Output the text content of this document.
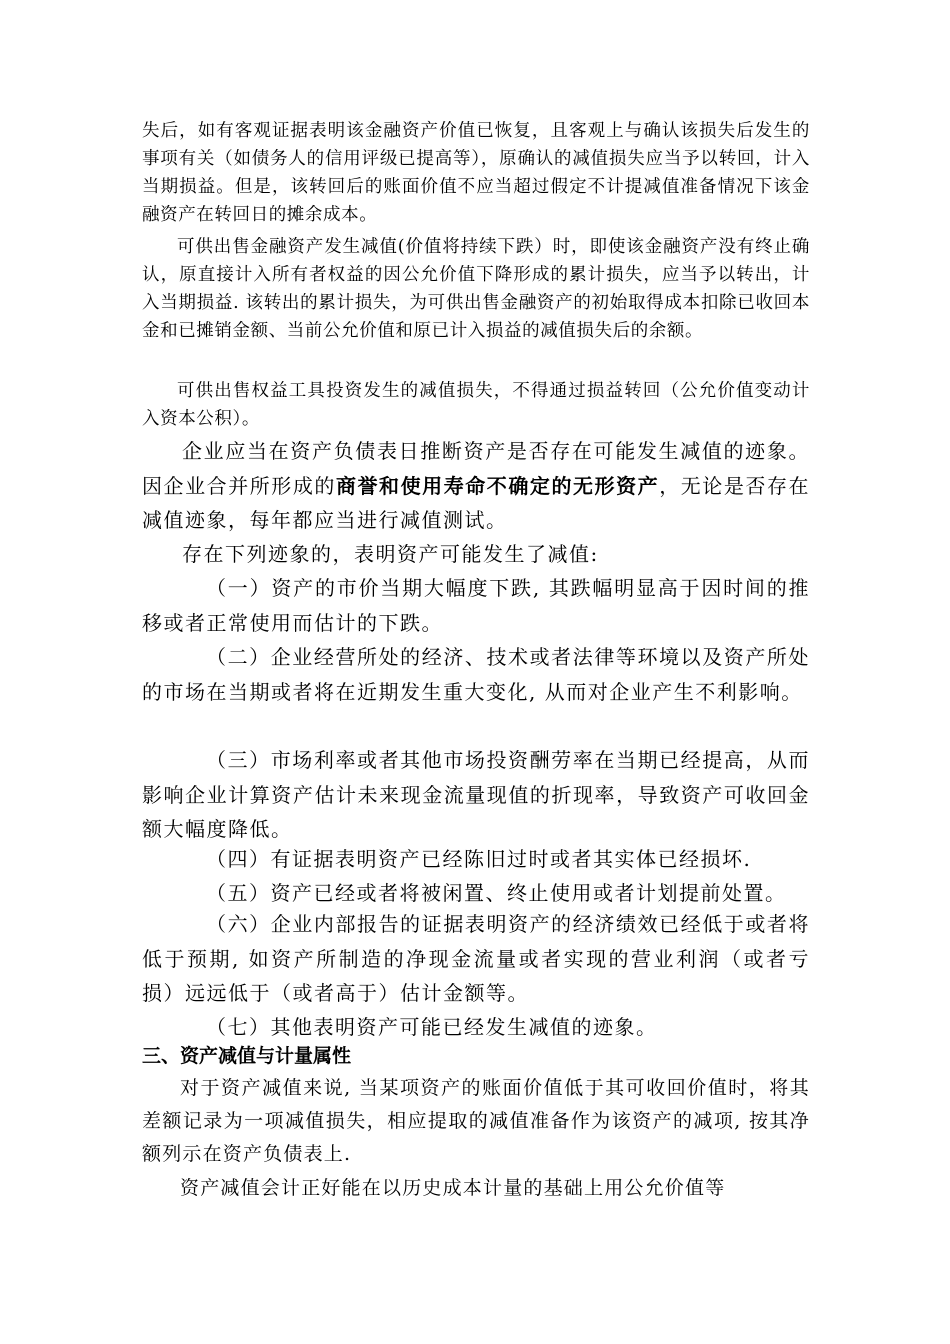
失后，如有客观证据表明该金融资产价值已恢复，且客观上与确认该损失后发生的事项有关（如债务人的信用评级已提高等），原确认的减值损失应当予以转回，计入当期损益。但是，该转回后的账面价值不应当超过假定不计提减值准备情况下该金融资产在转回日的摊余成本。

可供出售金融资产发生减值(价值将持续下跌）时，即使该金融资产没有终止确认，原直接计入所有者权益的因公允价值下降形成的累计损失，应当予以转出，计入当期损益. 该转出的累计损失，为可供出售金融资产的初始取得成本扣除已收回本金和已摊销金额、当前公允价值和原已计入损益的减值损失后的余额。

可供出售权益工具投资发生的减值损失，不得通过损益转回（公允价值变动计入资本公积）。

企业应当在资产负债表日推断资产是否存在可能发生减值的迹象。因企业合并所形成的商誉和使用寿命不确定的无形资产，无论是否存在减值迹象，每年都应当进行减值测试。

存在下列迹象的，表明资产可能发生了减值:

（一）资产的市价当期大幅度下跌, 其跌幅明显高于因时间的推移或者正常使用而估计的下跌。

（二）企业经营所处的经济、技术或者法律等环境以及资产所处的市场在当期或者将在近期发生重大变化, 从而对企业产生不利影响。

（三）市场利率或者其他市场投资酬劳率在当期已经提高，从而影响企业计算资产估计未来现金流量现值的折现率，导致资产可收回金额大幅度降低。

（四）有证据表明资产已经陈旧过时或者其实体已经损坏.

（五）资产已经或者将被闲置、终止使用或者计划提前处置。

（六）企业内部报告的证据表明资产的经济绩效已经低于或者将低于预期, 如资产所制造的净现金流量或者实现的营业利润（或者亏损）远远低于（或者高于）估计金额等。

（七）其他表明资产可能已经发生减值的迹象。

三、资产减值与计量属性

对于资产减值来说, 当某项资产的账面价值低于其可收回价值时，将其差额记录为一项减值损失，相应提取的减值准备作为该资产的减项, 按其净额列示在资产负债表上.

资产减值会计正好能在以历史成本计量的基础上用公允价值等
